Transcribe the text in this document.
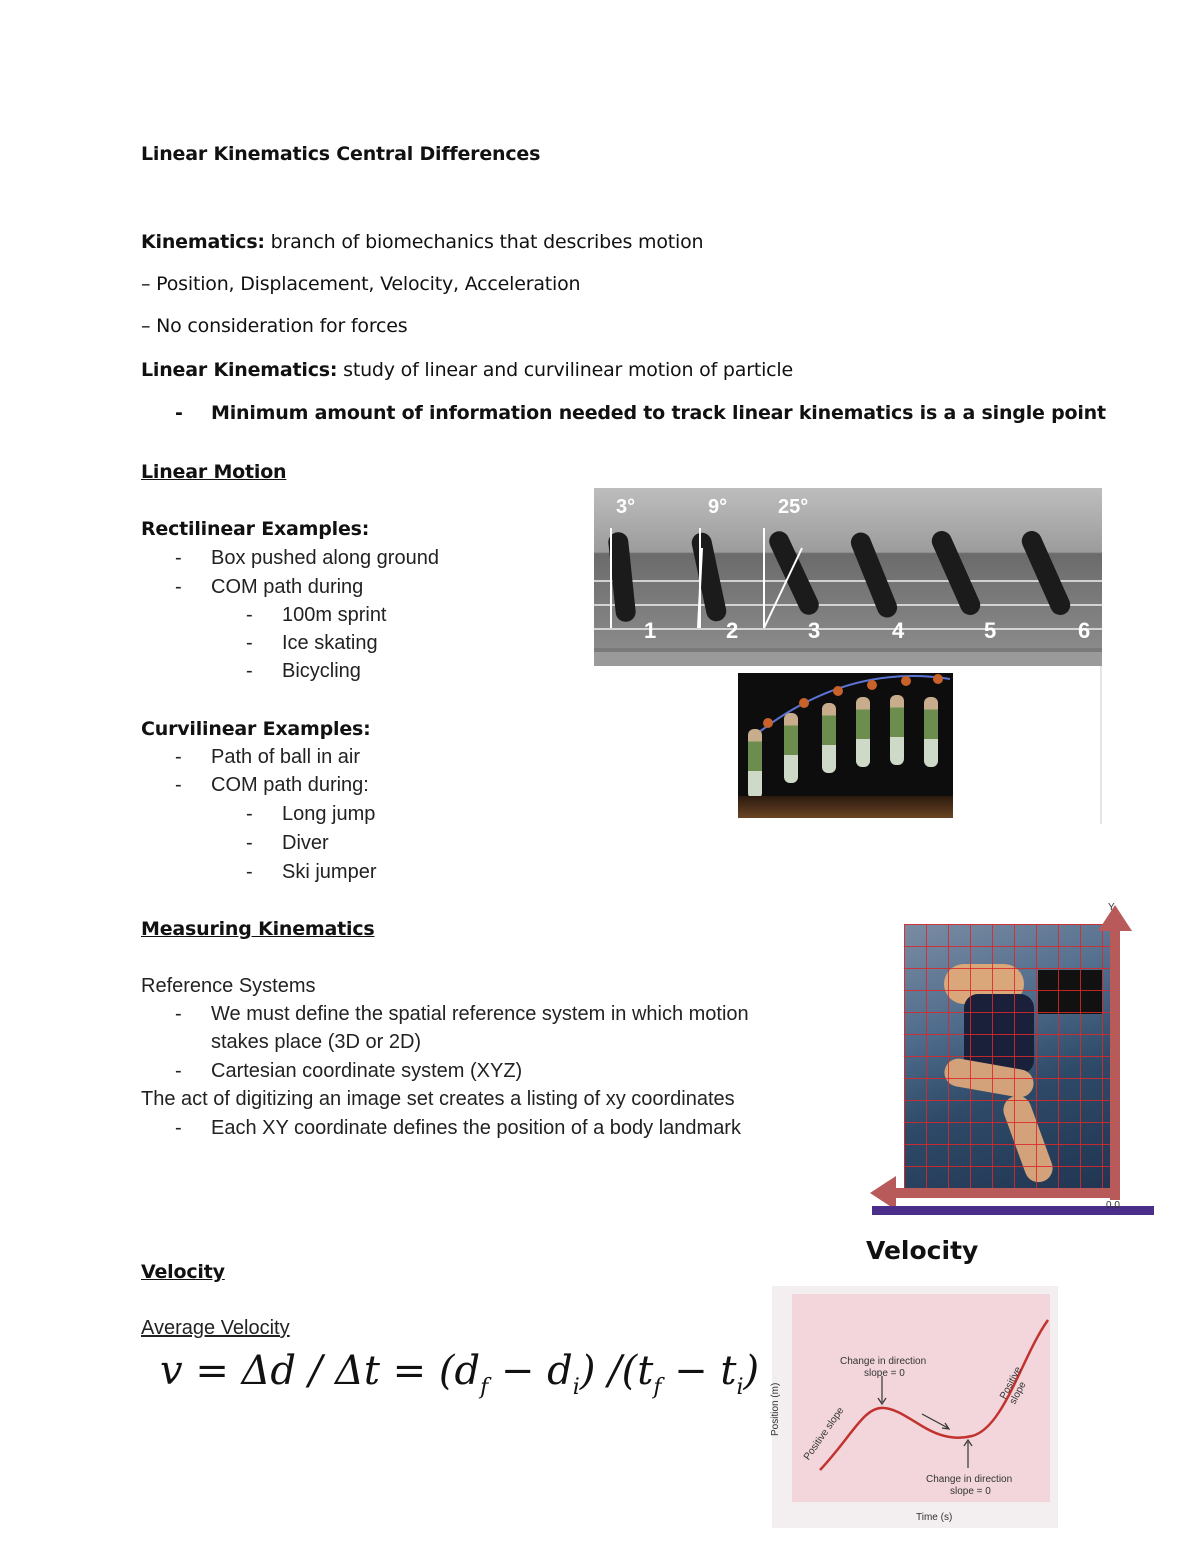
Linear Kinematics Central Differences
Kinematics: branch of biomechanics that describes motion
– Position, Displacement, Velocity, Acceleration
– No consideration for forces
Linear Kinematics: study of linear and curvilinear motion of particle
- Minimum amount of information needed to track linear kinematics is a a single point
Linear Motion
Rectilinear Examples:
- Box pushed along ground
- COM path during
- 100m sprint
- Ice skating
- Bicycling
Curvilinear Examples:
- Path of ball in air
- COM path during:
- Long jump
- Diver
- Ski jumper
Measuring Kinematics
Reference Systems
- We must define the spatial reference system in which motion
stakes place (3D or 2D)
- Cartesian coordinate system (XYZ)
The act of digitizing an image set creates a listing of xy coordinates
- Each XY coordinate defines the position of a body landmark
Velocity
Average Velocity
$v = \Delta d / \Delta t = (d_f - d_i) /(t_f - t_i)$
3°	9°	25°
1	2	3	4	5	6
Y
0,0
Velocity
Position (m)
Time (s)
Change in direction
slope = 0
Change in direction
slope = 0
Positive slope
Positive slope
